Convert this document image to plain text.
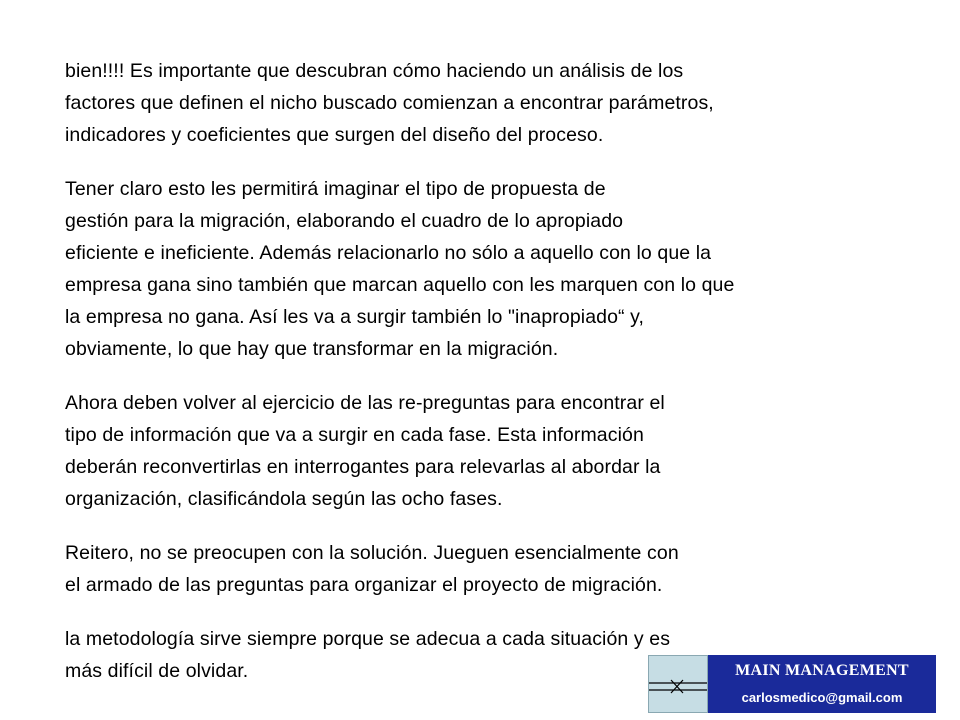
bien!!!! Es importante que descubran cómo haciendo un análisis de los
factores que definen el nicho buscado comienzan a encontrar parámetros,
indicadores y coeficientes que surgen del diseño del proceso.
Tener claro esto les permitirá imaginar el tipo de propuesta de
gestión para la migración, elaborando el cuadro de lo apropiado
eficiente e ineficiente. Además relacionarlo no sólo a aquello con lo que la
empresa gana sino también que marcan aquello con les marquen con lo que
la empresa no gana. Así les va a surgir también lo "inapropiado“ y,
obviamente, lo que hay que transformar en la migración.
Ahora deben volver al ejercicio de las re-preguntas para encontrar el
tipo de información que va a surgir en cada fase. Esta información
deberán reconvertirlas en interrogantes para relevarlas al abordar la
organización, clasificándola según las ocho fases.
Reitero, no se preocupen con la solución. Jueguen esencialmente con
el armado de las preguntas para organizar el proyecto de migración.
la metodología sirve siempre porque se adecua a cada situación y es
más difícil de olvidar.	MAIN MANAGEMENT
carlosmedico@gmail.com
